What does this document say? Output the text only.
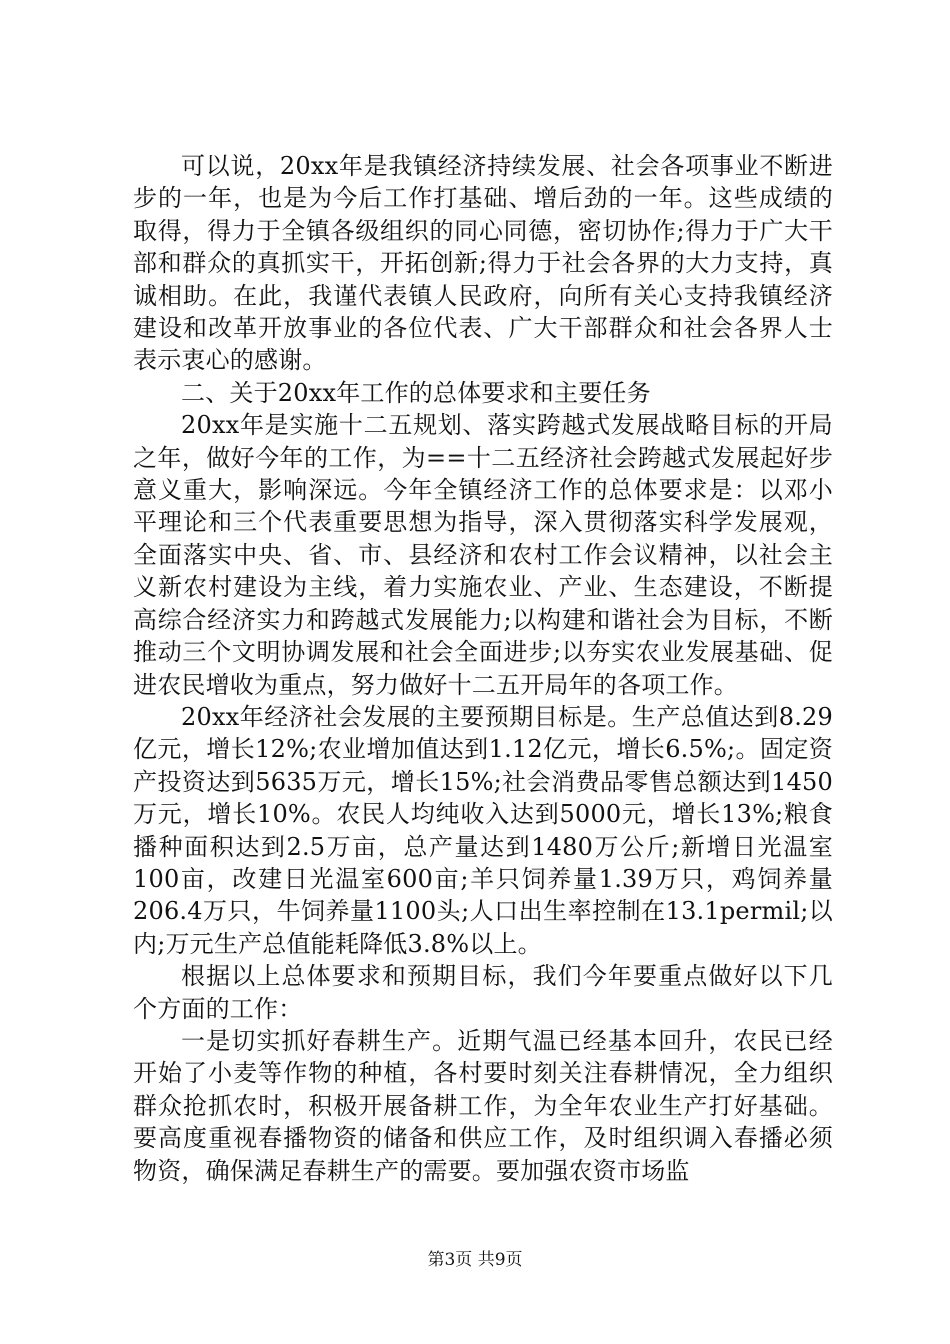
可以说，20xx年是我镇经济持续发展、社会各项事业不断进步的一年，也是为今后工作打基础、增后劲的一年。这些成绩的取得，得力于全镇各级组织的同心同德，密切协作;得力于广大干部和群众的真抓实干，开拓创新;得力于社会各界的大力支持，真诚相助。在此，我谨代表镇人民政府，向所有关心支持我镇经济建设和改革开放事业的各位代表、广大干部群众和社会各界人士表示衷心的感谢。

二、关于20xx年工作的总体要求和主要任务

20xx年是实施十二五规划、落实跨越式发展战略目标的开局之年，做好今年的工作，为==十二五经济社会跨越式发展起好步意义重大，影响深远。今年全镇经济工作的总体要求是：以邓小平理论和三个代表重要思想为指导，深入贯彻落实科学发展观，全面落实中央、省、市、县经济和农村工作会议精神，以社会主义新农村建设为主线，着力实施农业、产业、生态建设，不断提高综合经济实力和跨越式发展能力;以构建和谐社会为目标，不断推动三个文明协调发展和社会全面进步;以夯实农业发展基础、促进农民增收为重点，努力做好十二五开局年的各项工作。

20xx年经济社会发展的主要预期目标是。生产总值达到8.29亿元，增长12%;农业增加值达到1.12亿元，增长6.5%;。固定资产投资达到5635万元，增长15%;社会消费品零售总额达到1450万元，增长10%。农民人均纯收入达到5000元，增长13%;粮食播种面积达到2.5万亩，总产量达到1480万公斤;新增日光温室100亩，改建日光温室600亩;羊只饲养量1.39万只，鸡饲养量206.4万只，牛饲养量1100头;人口出生率控制在13.1permil;以内;万元生产总值能耗降低3.8%以上。

根据以上总体要求和预期目标，我们今年要重点做好以下几个方面的工作：

一是切实抓好春耕生产。近期气温已经基本回升，农民已经开始了小麦等作物的种植，各村要时刻关注春耕情况，全力组织群众抢抓农时，积极开展备耕工作，为全年农业生产打好基础。要高度重视春播物资的储备和供应工作，及时组织调入春播必须物资，确保满足春耕生产的需要。要加强农资市场监

第3页 共9页
